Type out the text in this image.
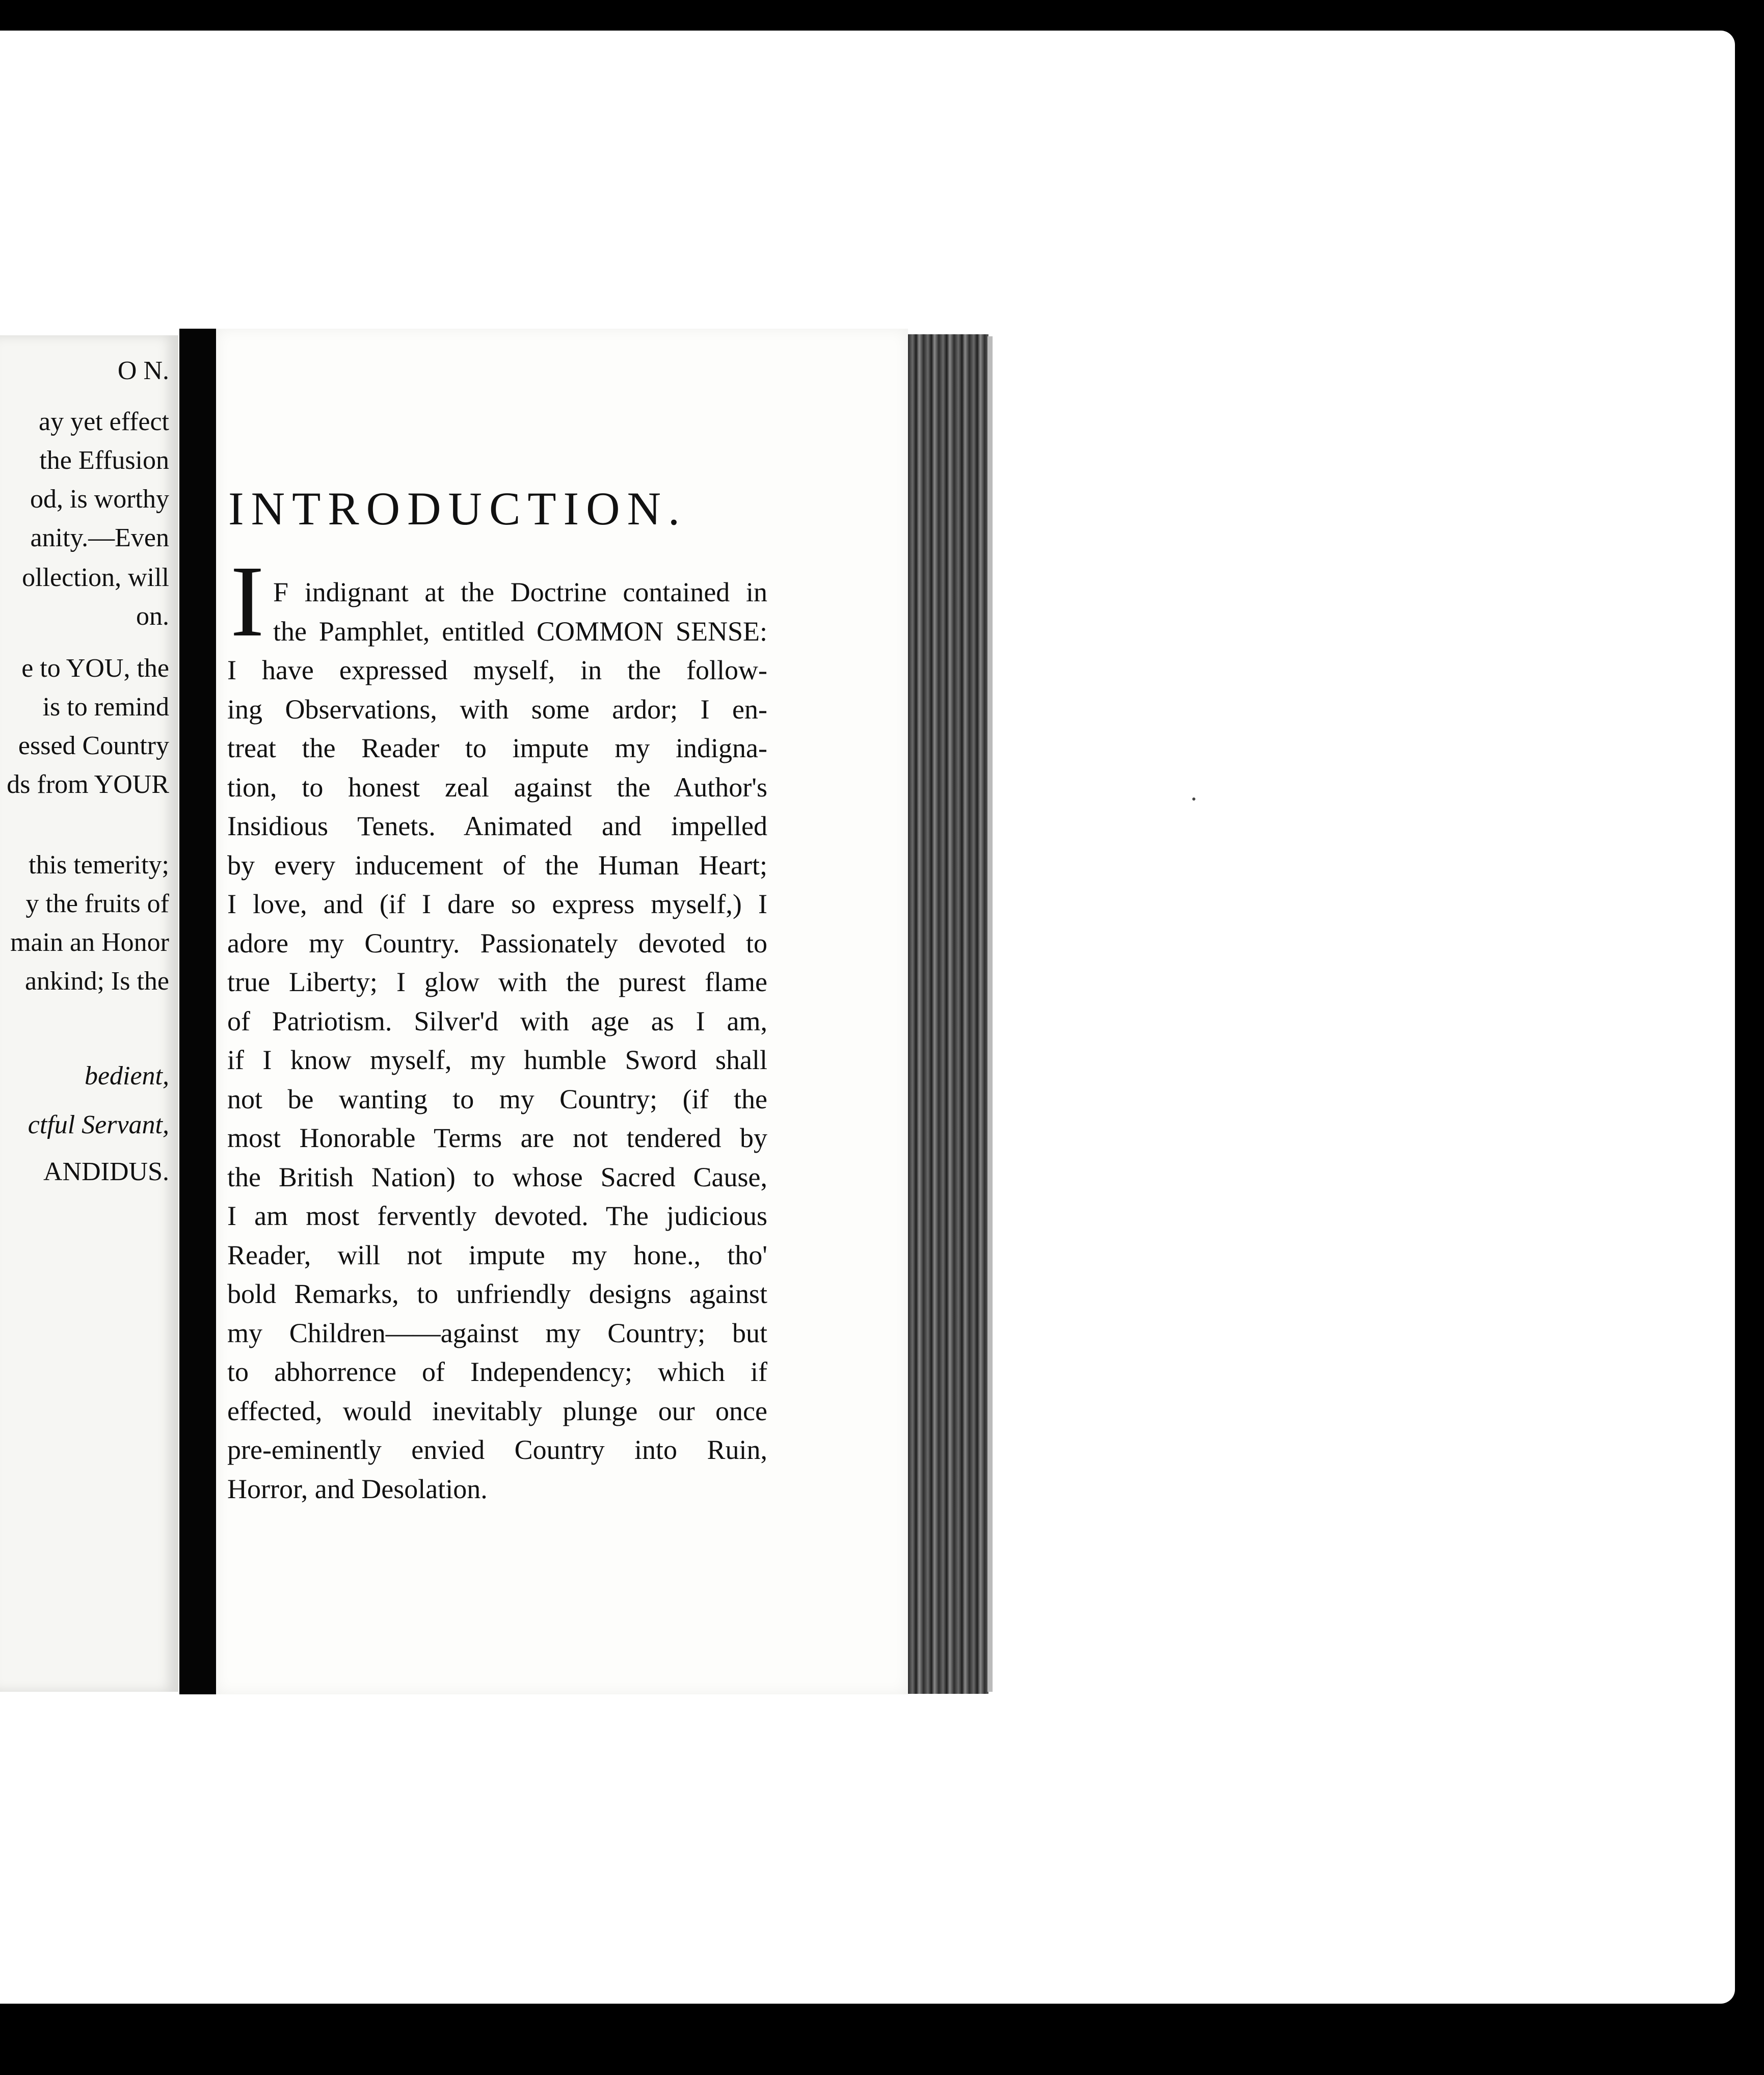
O N.
ay yet effect
the Effusion
od, is worthy
anity.—Even
ollection, will
on.
e to YOU, the
is to remind
essed Country
ds from YOUR
this temerity;
y the fruits of
main an Honor
ankind; Is the
bedient,
ctful Servant,
ANDIDUS.
INTRODUCTION.
I F indignant at the Doctrine contained in
the Pamphlet, entitled COMMON SENSE:
I have expressed myself, in the follow-
ing Observations, with some ardor; I en-
treat the Reader to impute my indigna-
tion, to honest zeal against the Author's
Insidious Tenets. Animated and impelled
by every inducement of the Human Heart;
I love, and (if I dare so express myself,) I
adore my Country. Passionately devoted to
true Liberty; I glow with the purest flame
of Patriotism. Silver'd with age as I am,
if I know myself, my humble Sword shall
not be wanting to my Country; (if the
most Honorable Terms are not tendered by
the British Nation) to whose Sacred Cause,
I am most fervently devoted. The judicious
Reader, will not impute my hone., tho'
bold Remarks, to unfriendly designs against
my Children——against my Country; but
to abhorrence of Independency; which if
effected, would inevitably plunge our once
pre-eminently envied Country into Ruin,
Horror, and Desolation.
